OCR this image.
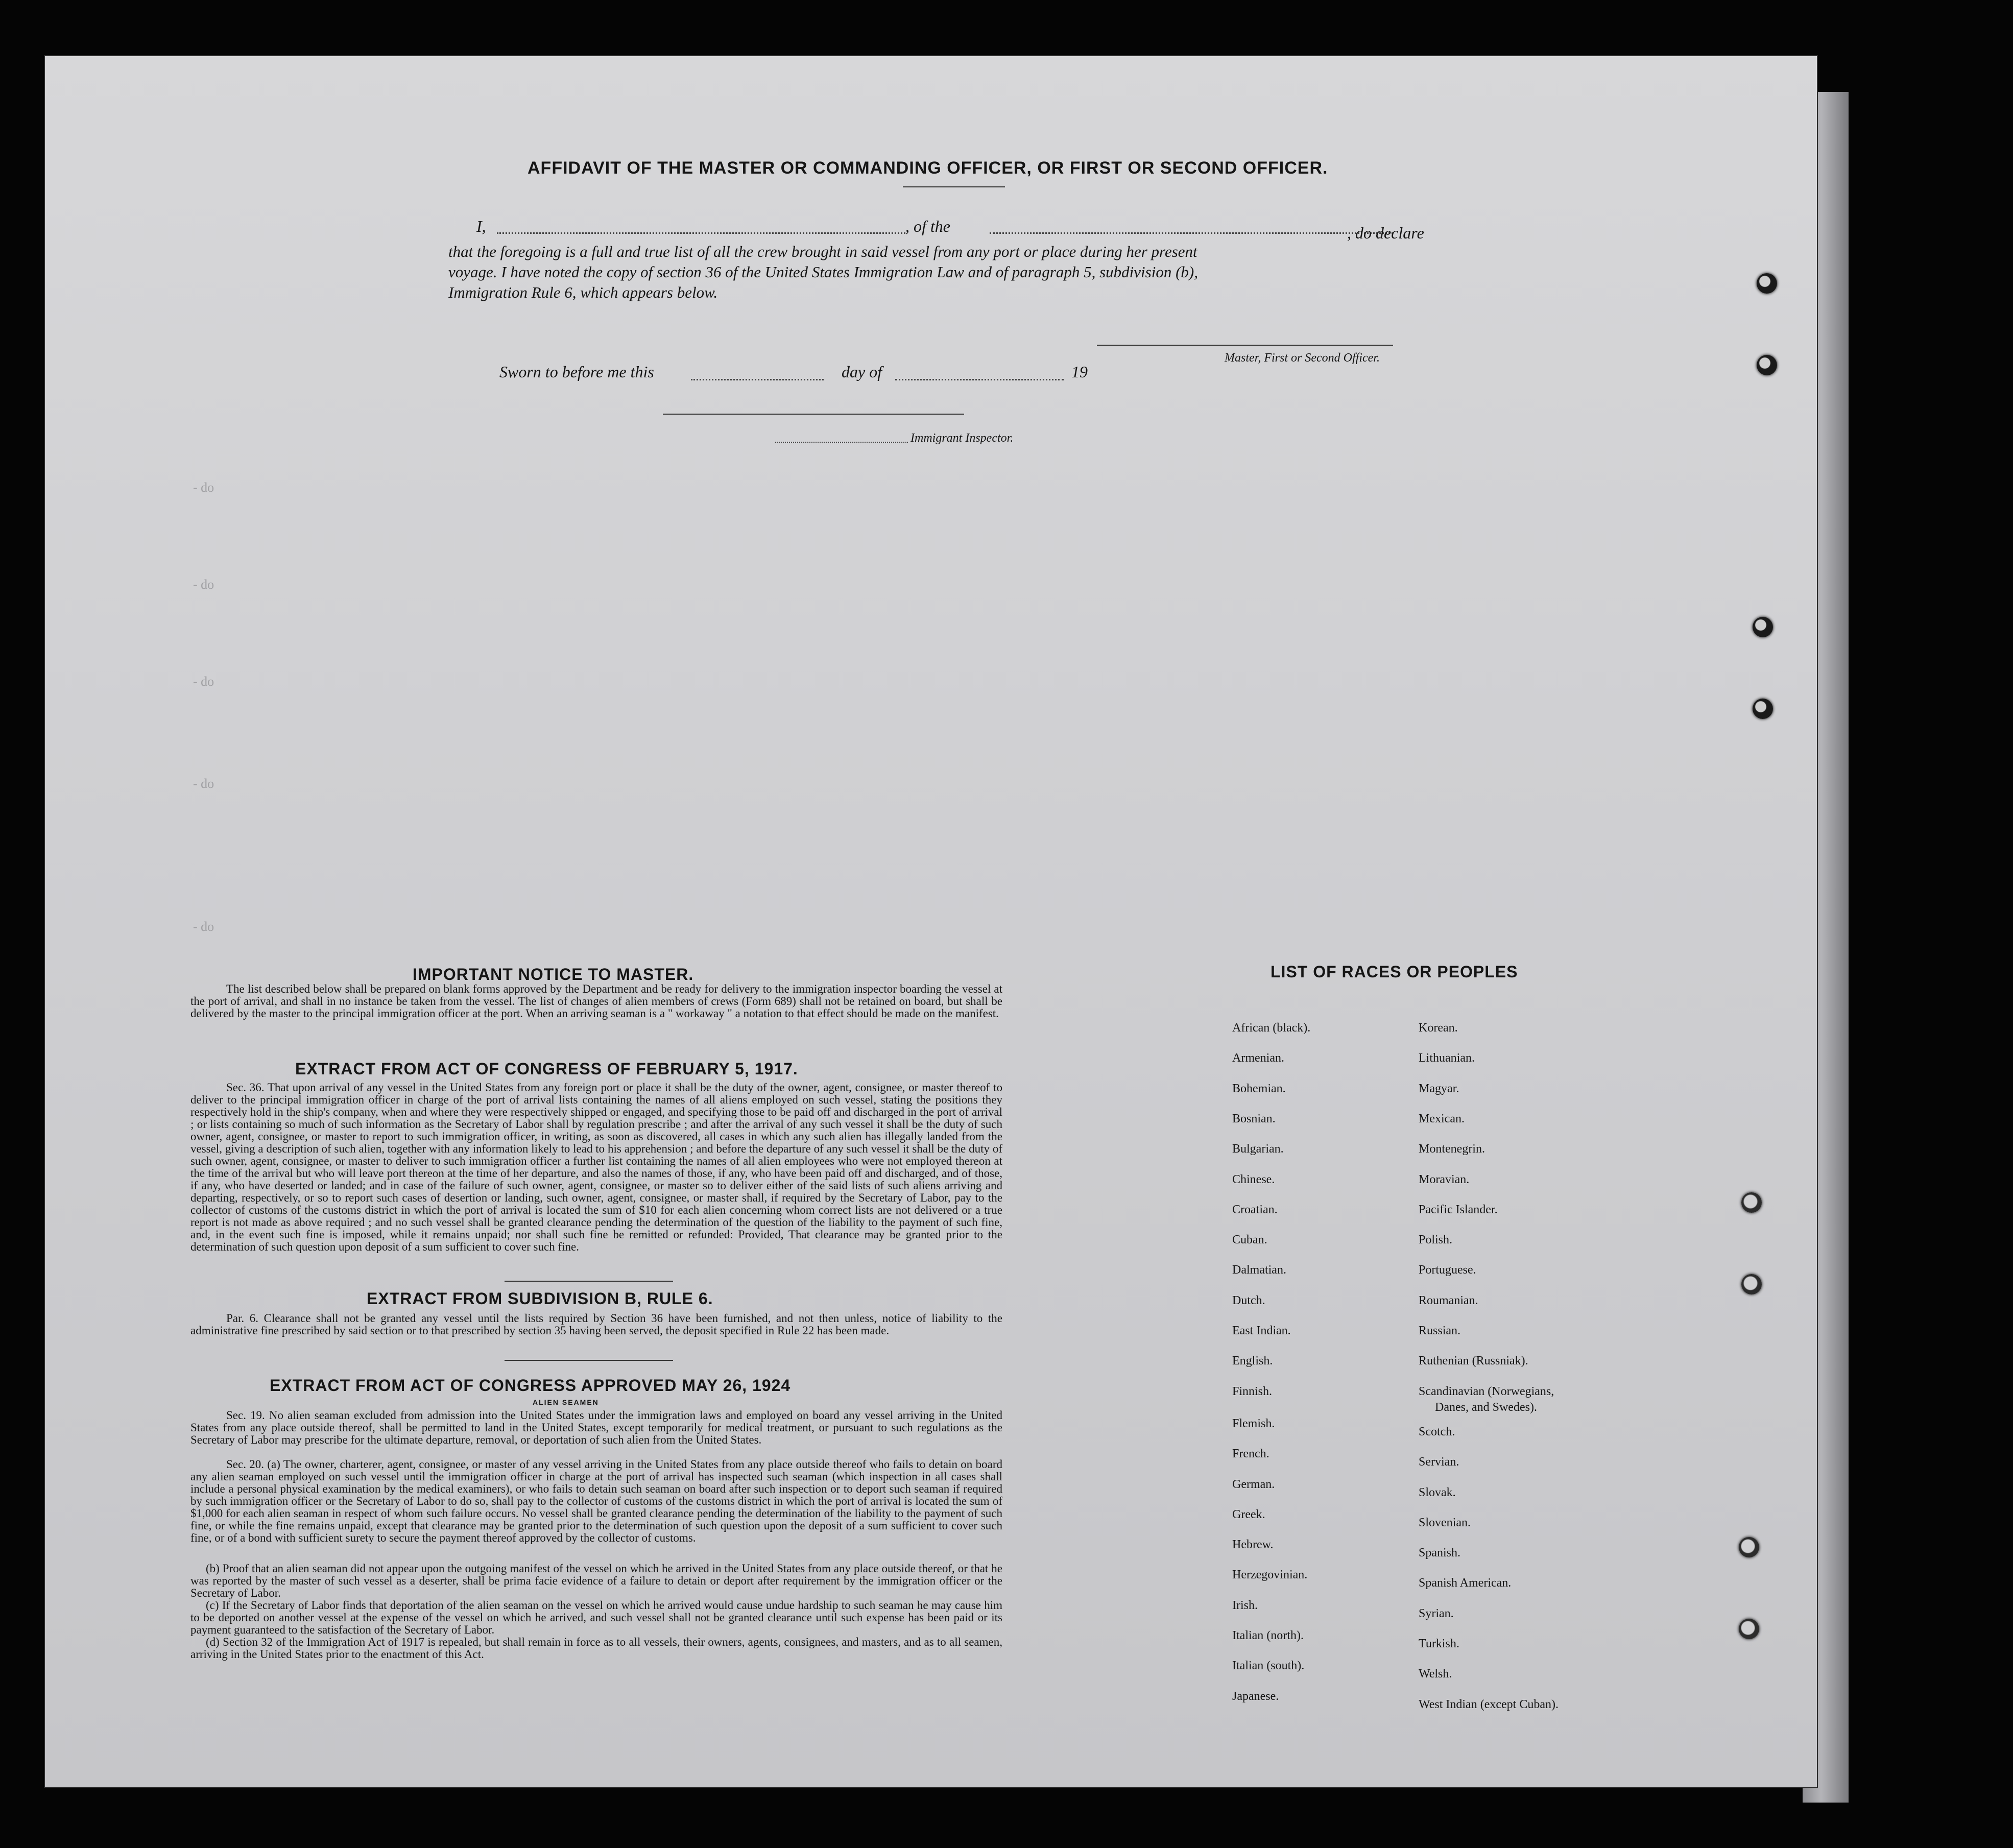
- do
- do
- do
- do
- do
AFFIDAVIT OF THE MASTER OR COMMANDING OFFICER, OR FIRST OR SECOND OFFICER.
I,	, of the	, do declare
that the foregoing is a full and true list of all the crew brought in said vessel from any port or place during her present
voyage. I have noted the copy of section 36 of the United States Immigration Law and of paragraph 5, subdivision (b),
Immigration Rule 6, which appears below.
Master, First or Second Officer.
Sworn to before me this	day of	19
Immigrant Inspector.
IMPORTANT NOTICE TO MASTER.
The list described below shall be prepared on blank forms approved by the Department and be ready for delivery to the immigration inspector boarding the vessel at the port of arrival, and shall in no instance be taken from the vessel. The list of changes of alien members of crews (Form 689) shall not be retained on board, but shall be delivered by the master to the principal immigration officer at the port. When an arriving seaman is a " workaway " a notation to that effect should be made on the manifest.
EXTRACT FROM ACT OF CONGRESS OF FEBRUARY 5, 1917.
Sec. 36. That upon arrival of any vessel in the United States from any foreign port or place it shall be the duty of the owner, agent, consignee, or master thereof to deliver to the principal immigration officer in charge of the port of arrival lists containing the names of all aliens employed on such vessel, stating the positions they respectively hold in the ship's company, when and where they were respectively shipped or engaged, and specifying those to be paid off and discharged in the port of arrival ; or lists containing so much of such information as the Secretary of Labor shall by regulation prescribe ; and after the arrival of any such vessel it shall be the duty of such owner, agent, consignee, or master to report to such immigration officer, in writing, as soon as discovered, all cases in which any such alien has illegally landed from the vessel, giving a description of such alien, together with any information likely to lead to his apprehension ; and before the departure of any such vessel it shall be the duty of such owner, agent, consignee, or master to deliver to such immigration officer a further list containing the names of all alien employees who were not employed thereon at the time of the arrival but who will leave port thereon at the time of her departure, and also the names of those, if any, who have been paid off and discharged, and of those, if any, who have deserted or landed; and in case of the failure of such owner, agent, consignee, or master so to deliver either of the said lists of such aliens arriving and departing, respectively, or so to report such cases of desertion or landing, such owner, agent, consignee, or master shall, if required by the Secretary of Labor, pay to the collector of customs of the customs district in which the port of arrival is located the sum of $10 for each alien concerning whom correct lists are not delivered or a true report is not made as above required ; and no such vessel shall be granted clearance pending the determination of the question of the liability to the payment of such fine, and, in the event such fine is imposed, while it remains unpaid; nor shall such fine be remitted or refunded: Provided, That clearance may be granted prior to the determination of such question upon deposit of a sum sufficient to cover such fine.
EXTRACT FROM SUBDIVISION B, RULE 6.
Par. 6. Clearance shall not be granted any vessel until the lists required by Section 36 have been furnished, and not then unless, notice of liability to the administrative fine prescribed by said section or to that prescribed by section 35 having been served, the deposit specified in Rule 22 has been made.
EXTRACT FROM ACT OF CONGRESS APPROVED MAY 26, 1924
ALIEN SEAMEN
Sec. 19. No alien seaman excluded from admission into the United States under the immigration laws and employed on board any vessel arriving in the United States from any place outside thereof, shall be permitted to land in the United States, except temporarily for medical treatment, or pursuant to such regulations as the Secretary of Labor may prescribe for the ultimate departure, removal, or deportation of such alien from the United States.
Sec. 20. (a) The owner, charterer, agent, consignee, or master of any vessel arriving in the United States from any place outside thereof who fails to detain on board any alien seaman employed on such vessel until the immigration officer in charge at the port of arrival has inspected such seaman (which inspection in all cases shall include a personal physical examination by the medical examiners), or who fails to detain such seaman on board after such inspection or to deport such seaman if required by such immigration officer or the Secretary of Labor to do so, shall pay to the collector of customs of the customs district in which the port of arrival is located the sum of $1,000 for each alien seaman in respect of whom such failure occurs. No vessel shall be granted clearance pending the determination of the liability to the payment of such fine, or while the fine remains unpaid, except that clearance may be granted prior to the determination of such question upon the deposit of a sum sufficient to cover such fine, or of a bond with sufficient surety to secure the payment thereof approved by the collector of customs.
(b) Proof that an alien seaman did not appear upon the outgoing manifest of the vessel on which he arrived in the United States from any place outside thereof, or that he was reported by the master of such vessel as a deserter, shall be prima facie evidence of a failure to detain or deport after requirement by the immigration officer or the Secretary of Labor.
(c) If the Secretary of Labor finds that deportation of the alien seaman on the vessel on which he arrived would cause undue hardship to such seaman he may cause him to be deported on another vessel at the expense of the vessel on which he arrived, and such vessel shall not be granted clearance until such expense has been paid or its payment guaranteed to the satisfaction of the Secretary of Labor.
(d) Section 32 of the Immigration Act of 1917 is repealed, but shall remain in force as to all vessels, their owners, agents, consignees, and masters, and as to all seamen, arriving in the United States prior to the enactment of this Act.
LIST OF RACES OR PEOPLES
African (black).
Armenian.
Bohemian.
Bosnian.
Bulgarian.
Chinese.
Croatian.
Cuban.
Dalmatian.
Dutch.
East Indian.
English.
Finnish.
Flemish.
French.
German.
Greek.
Hebrew.
Herzegovinian.
Irish.
Italian (north).
Italian (south).
Japanese.
Korean.
Lithuanian.
Magyar.
Mexican.
Montenegrin.
Moravian.
Pacific Islander.
Polish.
Portuguese.
Roumanian.
Russian.
Ruthenian (Russniak).
Scandinavian (Norwegians,
Scotch.
Servian.
Slovak.
Slovenian.
Spanish.
Spanish American.
Syrian.
Turkish.
Welsh.
West Indian (except Cuban).
Danes, and Swedes).
